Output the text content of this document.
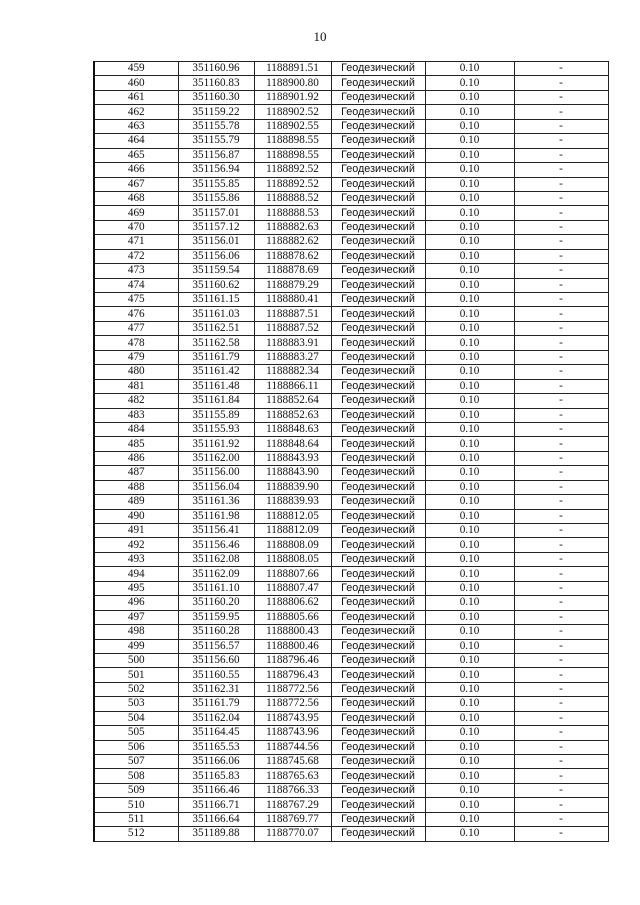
10
459	351160.96	1188891.51	Геодезический	0.10	-
460	351160.83	1188900.80	Геодезический	0.10	-
461	351160.30	1188901.92	Геодезический	0.10	-
462	351159.22	1188902.52	Геодезический	0.10	-
463	351155.78	1188902.55	Геодезический	0.10	-
464	351155.79	1188898.55	Геодезический	0.10	-
465	351156.87	1188898.55	Геодезический	0.10	-
466	351156.94	1188892.52	Геодезический	0.10	-
467	351155.85	1188892.52	Геодезический	0.10	-
468	351155.86	1188888.52	Геодезический	0.10	-
469	351157.01	1188888.53	Геодезический	0.10	-
470	351157.12	1188882.63	Геодезический	0.10	-
471	351156.01	1188882.62	Геодезический	0.10	-
472	351156.06	1188878.62	Геодезический	0.10	-
473	351159.54	1188878.69	Геодезический	0.10	-
474	351160.62	1188879.29	Геодезический	0.10	-
475	351161.15	1188880.41	Геодезический	0.10	-
476	351161.03	1188887.51	Геодезический	0.10	-
477	351162.51	1188887.52	Геодезический	0.10	-
478	351162.58	1188883.91	Геодезический	0.10	-
479	351161.79	1188883.27	Геодезический	0.10	-
480	351161.42	1188882.34	Геодезический	0.10	-
481	351161.48	1188866.11	Геодезический	0.10	-
482	351161.84	1188852.64	Геодезический	0.10	-
483	351155.89	1188852.63	Геодезический	0.10	-
484	351155.93	1188848.63	Геодезический	0.10	-
485	351161.92	1188848.64	Геодезический	0.10	-
486	351162.00	1188843.93	Геодезический	0.10	-
487	351156.00	1188843.90	Геодезический	0.10	-
488	351156.04	1188839.90	Геодезический	0.10	-
489	351161.36	1188839.93	Геодезический	0.10	-
490	351161.98	1188812.05	Геодезический	0.10	-
491	351156.41	1188812.09	Геодезический	0.10	-
492	351156.46	1188808.09	Геодезический	0.10	-
493	351162.08	1188808.05	Геодезический	0.10	-
494	351162.09	1188807.66	Геодезический	0.10	-
495	351161.10	1188807.47	Геодезический	0.10	-
496	351160.20	1188806.62	Геодезический	0.10	-
497	351159.95	1188805.66	Геодезический	0.10	-
498	351160.28	1188800.43	Геодезический	0.10	-
499	351156.57	1188800.46	Геодезический	0.10	-
500	351156.60	1188796.46	Геодезический	0.10	-
501	351160.55	1188796.43	Геодезический	0.10	-
502	351162.31	1188772.56	Геодезический	0.10	-
503	351161.79	1188772.56	Геодезический	0.10	-
504	351162.04	1188743.95	Геодезический	0.10	-
505	351164.45	1188743.96	Геодезический	0.10	-
506	351165.53	1188744.56	Геодезический	0.10	-
507	351166.06	1188745.68	Геодезический	0.10	-
508	351165.83	1188765.63	Геодезический	0.10	-
509	351166.46	1188766.33	Геодезический	0.10	-
510	351166.71	1188767.29	Геодезический	0.10	-
511	351166.64	1188769.77	Геодезический	0.10	-
512	351189.88	1188770.07	Геодезический	0.10	-
